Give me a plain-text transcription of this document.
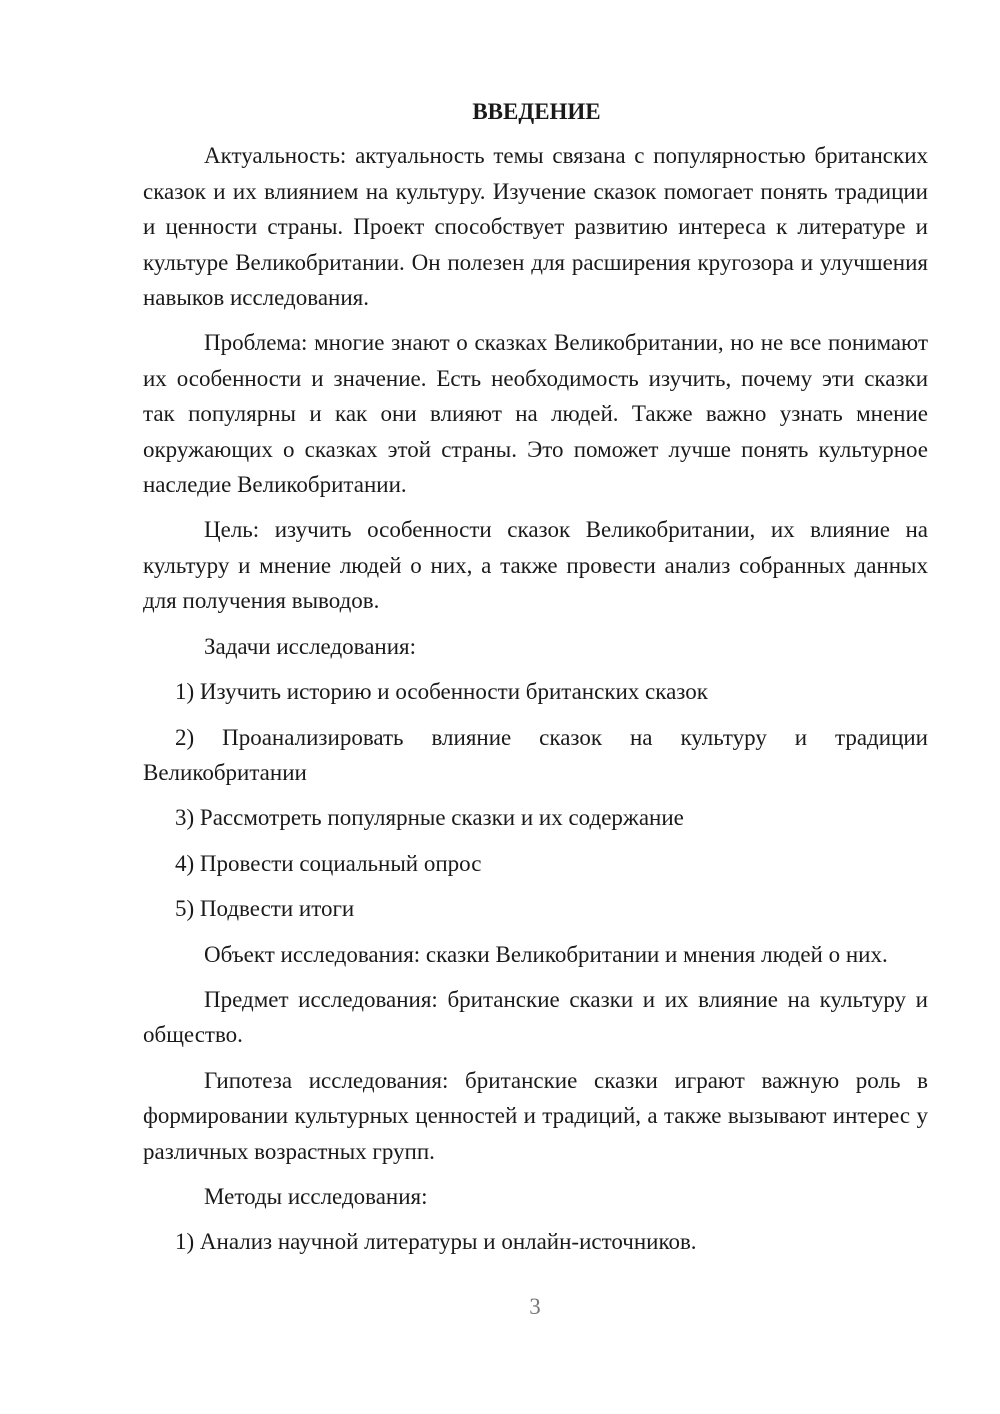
ВВЕДЕНИЕ

Актуальность: актуальность темы связана с популярностью британских сказок и их влиянием на культуру. Изучение сказок помогает понять традиции и ценности страны. Проект способствует развитию интереса к литературе и культуре Великобритании. Он полезен для расширения кругозора и улучшения навыков исследования.

Проблема: многие знают о сказках Великобритании, но не все понимают их особенности и значение. Есть необходимость изучить, почему эти сказки так популярны и как они влияют на людей. Также важно узнать мнение окружающих о сказках этой страны. Это поможет лучше понять культурное наследие Великобритании.

Цель: изучить особенности сказок Великобритании, их влияние на культуру и мнение людей о них, а также провести анализ собранных данных для получения выводов.

Задачи исследования:

1) Изучить историю и особенности британских сказок

2) Проанализировать влияние сказок на культуру и традиции Великобритании

3) Рассмотреть популярные сказки и их содержание

4) Провести социальный опрос

5) Подвести итоги

Объект исследования: сказки Великобритании и мнения людей о них.

Предмет исследования: британские сказки и их влияние на культуру и общество.

Гипотеза исследования: британские сказки играют важную роль в формировании культурных ценностей и традиций, а также вызывают интерес у различных возрастных групп.

Методы исследования:

1) Анализ научной литературы и онлайн-источников.

3
